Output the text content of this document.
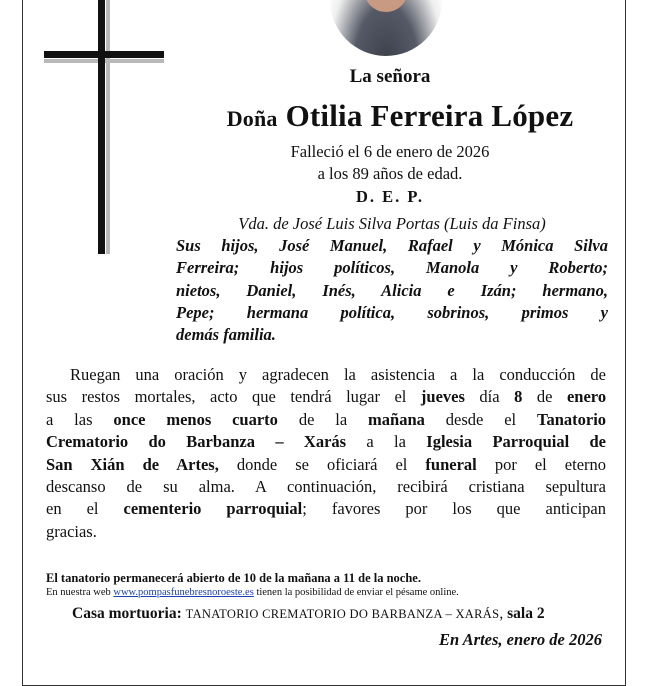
La señora
Doña Otilia Ferreira López
Falleció el 6 de enero de 2026
a los 89 años de edad.
D. E. P.
Vda. de José Luis Silva Portas (Luis da Finsa)
Sus hijos, José Manuel, Rafael y Mónica Silva
Ferreira; hijos políticos, Manola y Roberto;
nietos, Daniel, Inés, Alicia e Izán; hermano,
Pepe; hermana política, sobrinos, primos y
demás familia.
Ruegan una oración y agradecen la asistencia a la conducción de
sus restos mortales, acto que tendrá lugar el jueves día 8 de enero
a las once menos cuarto de la mañana desde el Tanatorio
Crematorio do Barbanza – Xarás a la Iglesia Parroquial de
San Xián de Artes, donde se oficiará el funeral por el eterno
descanso de su alma. A continuación, recibirá cristiana sepultura
en el cementerio parroquial; favores por los que anticipan
gracias.
El tanatorio permanecerá abierto de 10 de la mañana a 11 de la noche.
En nuestra web www.pompasfunebresnoroeste.es tienen la posibilidad de enviar el pésame online.
Casa mortuoria: TANATORIO CREMATORIO DO BARBANZA – XARÁS, sala 2
En Artes, enero de 2026
